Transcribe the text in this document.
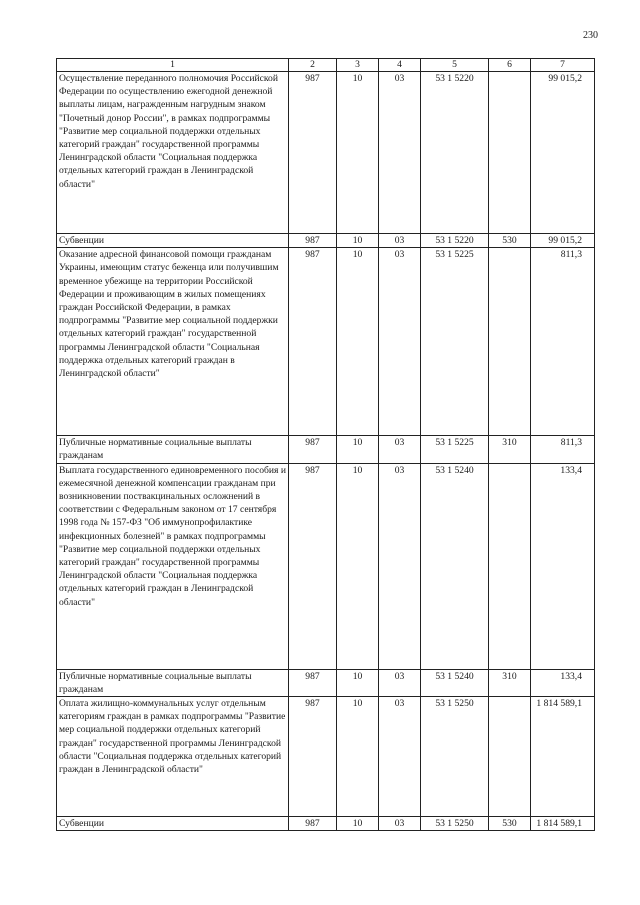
230
1	2	3	4	5	6	7
Осуществление переданного полномочия Российской Федерации по осуществлению ежегодной денежной выплаты лицам, награжденным нагрудным знаком "Почетный донор России", в рамках подпрограммы "Развитие мер социальной поддержки отдельных категорий граждан" государственной программы Ленинградской области "Социальная поддержка отдельных категорий граждан в Ленинградской области"	987	10	03	53 1 5220		99 015,2
Субвенции	987	10	03	53 1 5220	530	99 015,2
Оказание адресной финансовой помощи гражданам Украины, имеющим статус беженца или получившим временное убежище на территории Российской Федерации и проживающим в жилых помещениях граждан Российской Федерации, в рамках подпрограммы "Развитие мер социальной поддержки отдельных категорий граждан" государственной программы Ленинградской области "Социальная поддержка отдельных категорий граждан в Ленинградской области"	987	10	03	53 1 5225		811,3
Публичные нормативные социальные выплаты гражданам	987	10	03	53 1 5225	310	811,3
Выплата государственного единовременного пособия и ежемесячной денежной компенсации гражданам при возникновении поствакцинальных осложнений в соответствии с Федеральным законом от 17 сентября 1998 года № 157-ФЗ "Об иммунопрофилактике инфекционных болезней" в рамках подпрограммы "Развитие мер социальной поддержки отдельных категорий граждан" государственной программы Ленинградской области "Социальная поддержка отдельных категорий граждан в Ленинградской области"	987	10	03	53 1 5240		133,4
Публичные нормативные социальные выплаты гражданам	987	10	03	53 1 5240	310	133,4
Оплата жилищно-коммунальных услуг отдельным категориям граждан в рамках подпрограммы "Развитие мер социальной поддержки отдельных категорий граждан" государственной программы Ленинградской области "Социальная поддержка отдельных категорий граждан в Ленинградской области"	987	10	03	53 1 5250		1 814 589,1
Субвенции	987	10	03	53 1 5250	530	1 814 589,1
